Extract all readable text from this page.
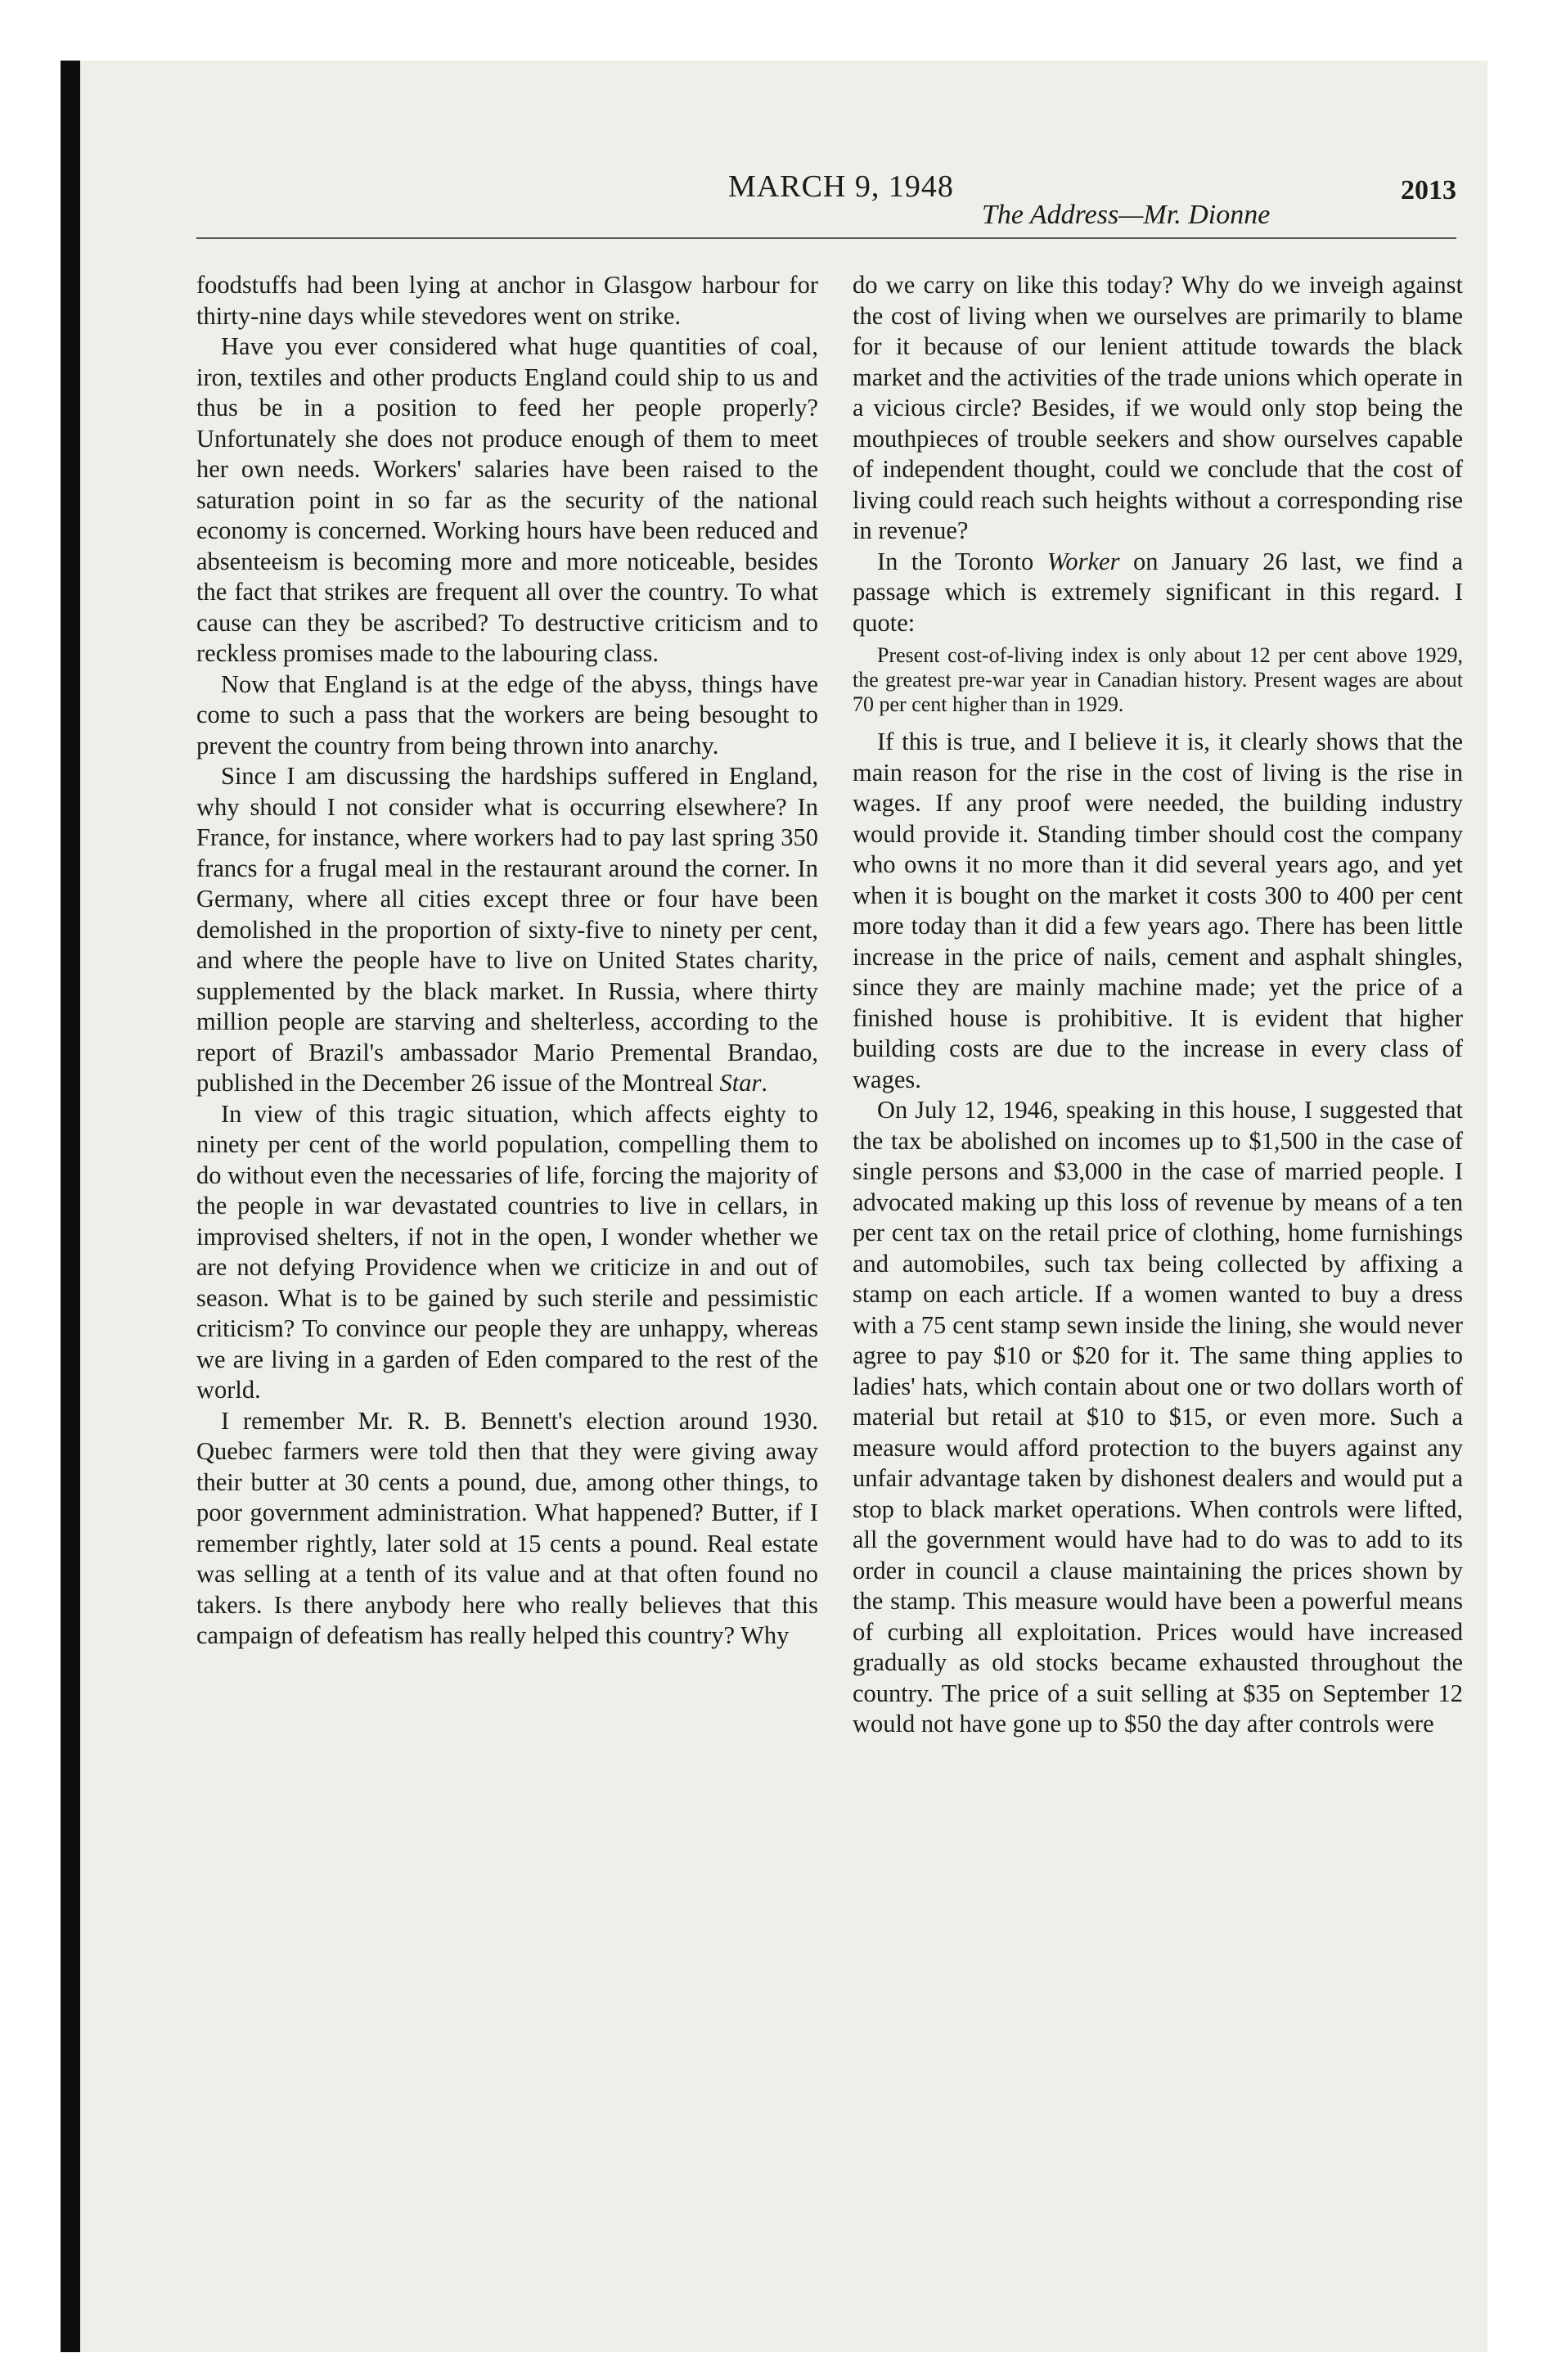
MARCH 9, 1948
The Address—Mr. Dionne
2013

foodstuffs had been lying at anchor in Glasgow harbour for thirty-nine days while stevedores went on strike.

Have you ever considered what huge quantities of coal, iron, textiles and other products England could ship to us and thus be in a position to feed her people properly? Unfortunately she does not produce enough of them to meet her own needs. Workers' salaries have been raised to the saturation point in so far as the security of the national economy is concerned. Working hours have been reduced and absenteeism is becoming more and more noticeable, besides the fact that strikes are frequent all over the country. To what cause can they be ascribed? To destructive criticism and to reckless promises made to the labouring class.

Now that England is at the edge of the abyss, things have come to such a pass that the workers are being besought to prevent the country from being thrown into anarchy.

Since I am discussing the hardships suffered in England, why should I not consider what is occurring elsewhere? In France, for instance, where workers had to pay last spring 350 francs for a frugal meal in the restaurant around the corner. In Germany, where all cities except three or four have been demolished in the proportion of sixty-five to ninety per cent, and where the people have to live on United States charity, supplemented by the black market. In Russia, where thirty million people are starving and shelterless, according to the report of Brazil's ambassador Mario Premental Brandao, published in the December 26 issue of the Montreal Star.

In view of this tragic situation, which affects eighty to ninety per cent of the world population, compelling them to do without even the necessaries of life, forcing the majority of the people in war devastated countries to live in cellars, in improvised shelters, if not in the open, I wonder whether we are not defying Providence when we criticize in and out of season. What is to be gained by such sterile and pessimistic criticism? To convince our people they are unhappy, whereas we are living in a garden of Eden compared to the rest of the world.

I remember Mr. R. B. Bennett's election around 1930. Quebec farmers were told then that they were giving away their butter at 30 cents a pound, due, among other things, to poor government administration. What happened? Butter, if I remember rightly, later sold at 15 cents a pound. Real estate was selling at a tenth of its value and at that often found no takers. Is there anybody here who really believes that this campaign of defeatism has really helped this country? Why

do we carry on like this today? Why do we inveigh against the cost of living when we ourselves are primarily to blame for it because of our lenient attitude towards the black market and the activities of the trade unions which operate in a vicious circle? Besides, if we would only stop being the mouthpieces of trouble seekers and show ourselves capable of independent thought, could we conclude that the cost of living could reach such heights without a corresponding rise in revenue?

In the Toronto Worker on January 26 last, we find a passage which is extremely significant in this regard. I quote:

Present cost-of-living index is only about 12 per cent above 1929, the greatest pre-war year in Canadian history. Present wages are about 70 per cent higher than in 1929.

If this is true, and I believe it is, it clearly shows that the main reason for the rise in the cost of living is the rise in wages. If any proof were needed, the building industry would provide it. Standing timber should cost the company who owns it no more than it did several years ago, and yet when it is bought on the market it costs 300 to 400 per cent more today than it did a few years ago. There has been little increase in the price of nails, cement and asphalt shingles, since they are mainly machine made; yet the price of a finished house is prohibitive. It is evident that higher building costs are due to the increase in every class of wages.

On July 12, 1946, speaking in this house, I suggested that the tax be abolished on incomes up to $1,500 in the case of single persons and $3,000 in the case of married people. I advocated making up this loss of revenue by means of a ten per cent tax on the retail price of clothing, home furnishings and automobiles, such tax being collected by affixing a stamp on each article. If a women wanted to buy a dress with a 75 cent stamp sewn inside the lining, she would never agree to pay $10 or $20 for it. The same thing applies to ladies' hats, which contain about one or two dollars worth of material but retail at $10 to $15, or even more. Such a measure would afford protection to the buyers against any unfair advantage taken by dishonest dealers and would put a stop to black market operations. When controls were lifted, all the government would have had to do was to add to its order in council a clause maintaining the prices shown by the stamp. This measure would have been a powerful means of curbing all exploitation. Prices would have increased gradually as old stocks became exhausted throughout the country. The price of a suit selling at $35 on September 12 would not have gone up to $50 the day after controls were
